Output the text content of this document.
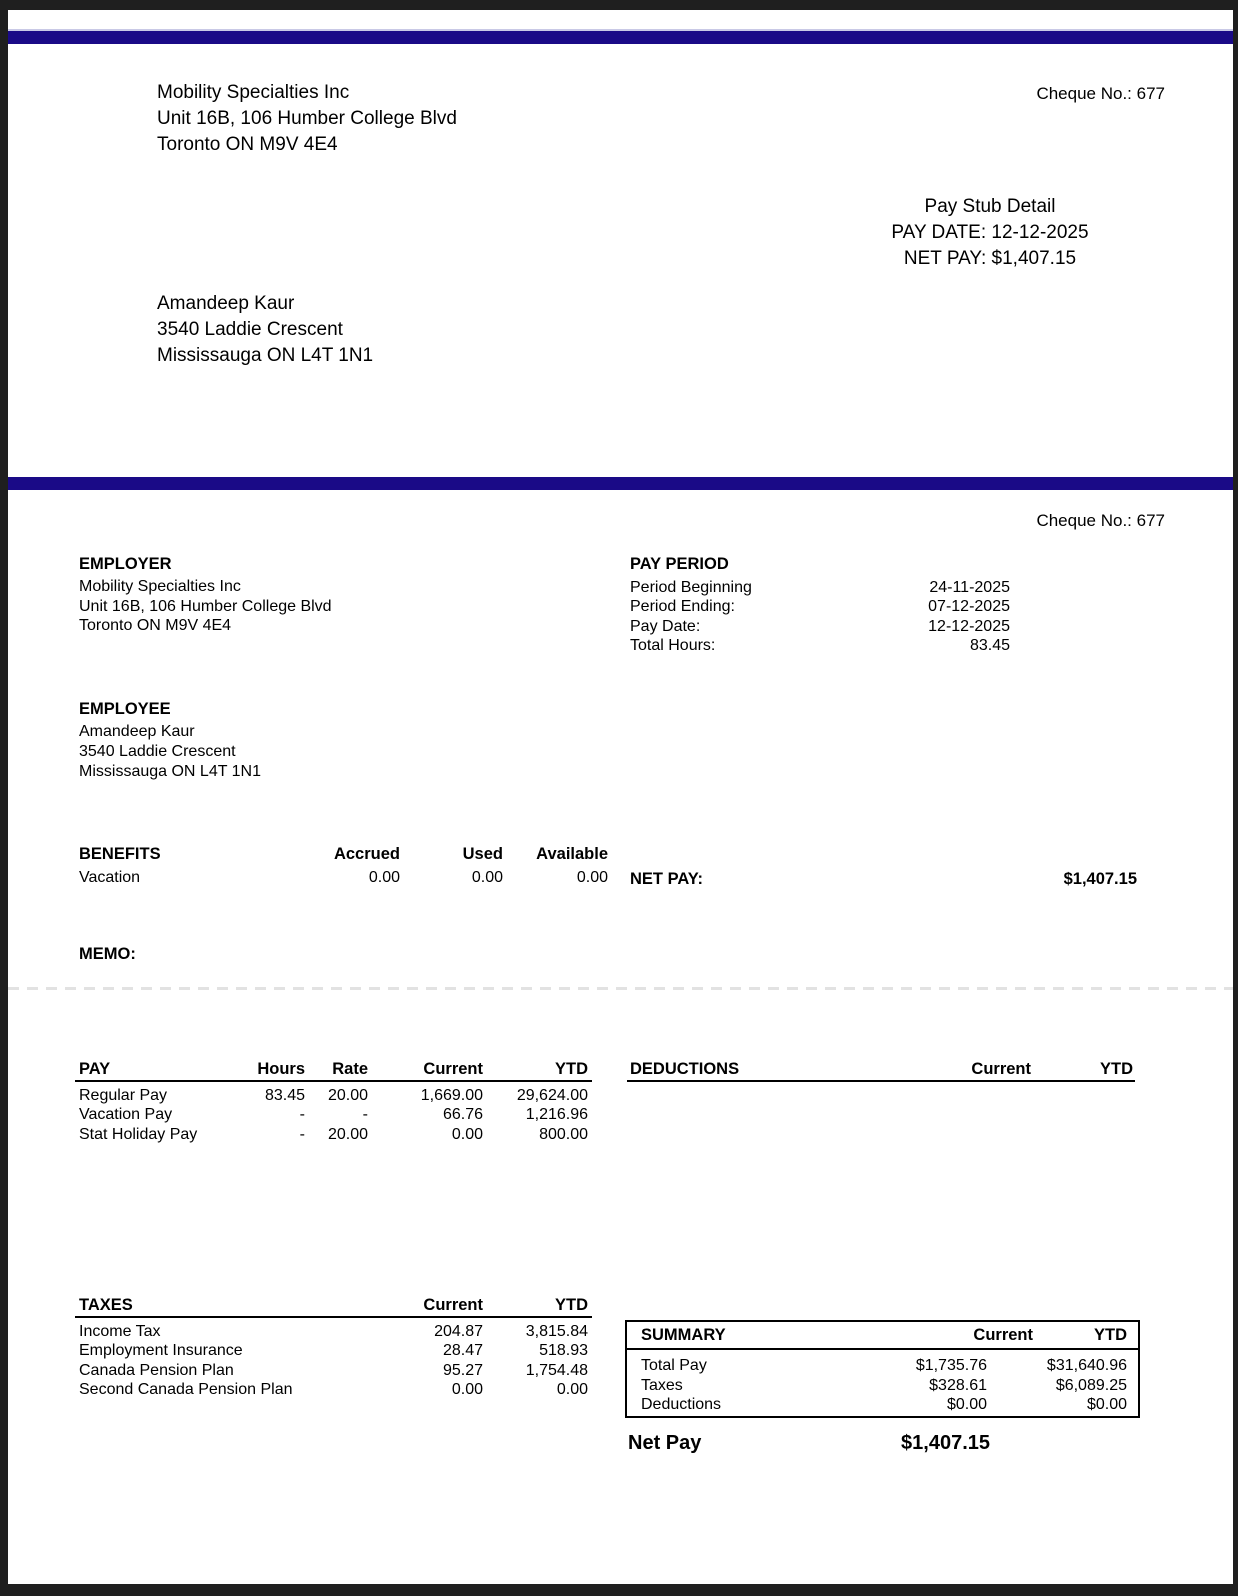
Mobility Specialties Inc
Unit 16B, 106 Humber College Blvd
Toronto ON M9V 4E4
Cheque No.: 677
Pay Stub Detail
PAY DATE: 12-12-2025
NET PAY: $1,407.15
Amandeep Kaur
3540 Laddie Crescent
Mississauga ON L4T 1N1
Cheque No.: 677
EMPLOYER
Mobility Specialties Inc
Unit 16B, 106 Humber College Blvd
Toronto ON M9V 4E4
PAY PERIOD
Period Beginning	24-11-2025
Period Ending:	07-12-2025
Pay Date:	12-12-2025
Total Hours:	83.45
EMPLOYEE
Amandeep Kaur
3540 Laddie Crescent
Mississauga ON L4T 1N1
BENEFITS	Accrued	Used Available
Vacation	0.00	0.00	0.00 NET PAY:	$1,407.15
MEMO:
PAY	Hours Rate	Current	YTD
Regular Pay	83.45 20.00	1,669.00 29,624.00
Vacation Pay	-	-	66.76	1,216.96
Stat Holiday Pay	- 20.00	0.00	800.00
DEDUCTIONS	Current	YTD
TAXES	Current	YTD
Income Tax	204.87	3,815.84
Employment Insurance	28.47	518.93
Canada Pension Plan	95.27	1,754.48
Second Canada Pension Plan	0.00	0.00
SUMMARY	Current	YTD
Total Pay	$1,735.76	$31,640.96
Taxes	$328.61	$6,089.25
Deductions	$0.00	$0.00
Net Pay	$1,407.15
